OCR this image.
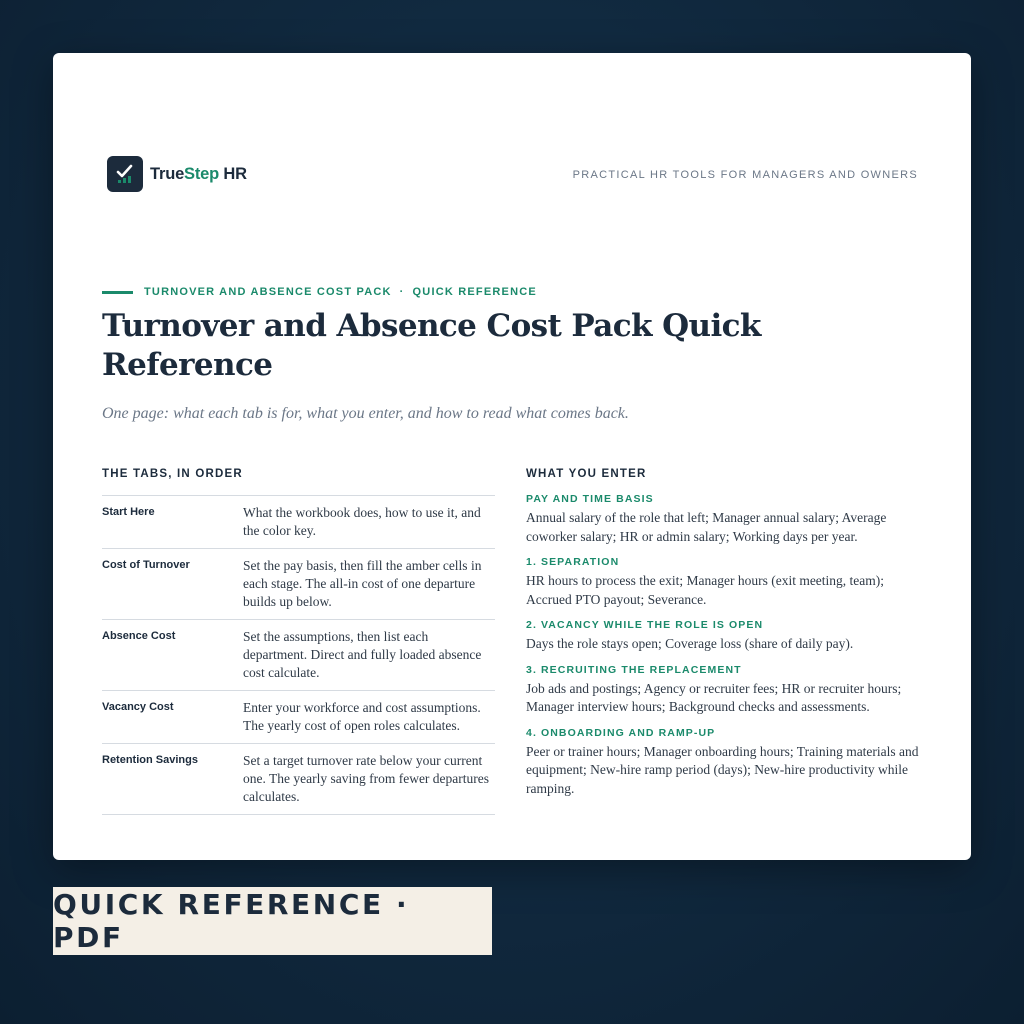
TrueStep HR	PRACTICAL HR TOOLS FOR MANAGERS AND OWNERS
TURNOVER AND ABSENCE COST PACK · QUICK REFERENCE
Turnover and Absence Cost Pack Quick Reference

One page: what each tab is for, what you enter, and how to read what comes back.

THE TABS, IN ORDER
Start Here	What the workbook does, how to use it, and the color key.
Cost of Turnover	Set the pay basis, then fill the amber cells in each stage. The all-in cost of one departure builds up below.
Absence Cost	Set the assumptions, then list each department. Direct and fully loaded absence cost calculate.
Vacancy Cost	Enter your workforce and cost assumptions. The yearly cost of open roles calculates.
Retention Savings	Set a target turnover rate below your current one. The yearly saving from fewer departures calculates.
WHAT YOU ENTER
PAY AND TIME BASIS
Annual salary of the role that left; Manager annual salary; Average coworker salary; HR or admin salary; Working days per year.
1. SEPARATION
HR hours to process the exit; Manager hours (exit meeting, team); Accrued PTO payout; Severance.
2. VACANCY WHILE THE ROLE IS OPEN
Days the role stays open; Coverage loss (share of daily pay).
3. RECRUITING THE REPLACEMENT
Job ads and postings; Agency or recruiter fees; HR or recruiter hours; Manager interview hours; Background checks and assessments.
4. ONBOARDING AND RAMP-UP
Peer or trainer hours; Manager onboarding hours; Training materials and equipment; New-hire ramp period (days); New-hire productivity while ramping.
QUICK REFERENCE · PDF
